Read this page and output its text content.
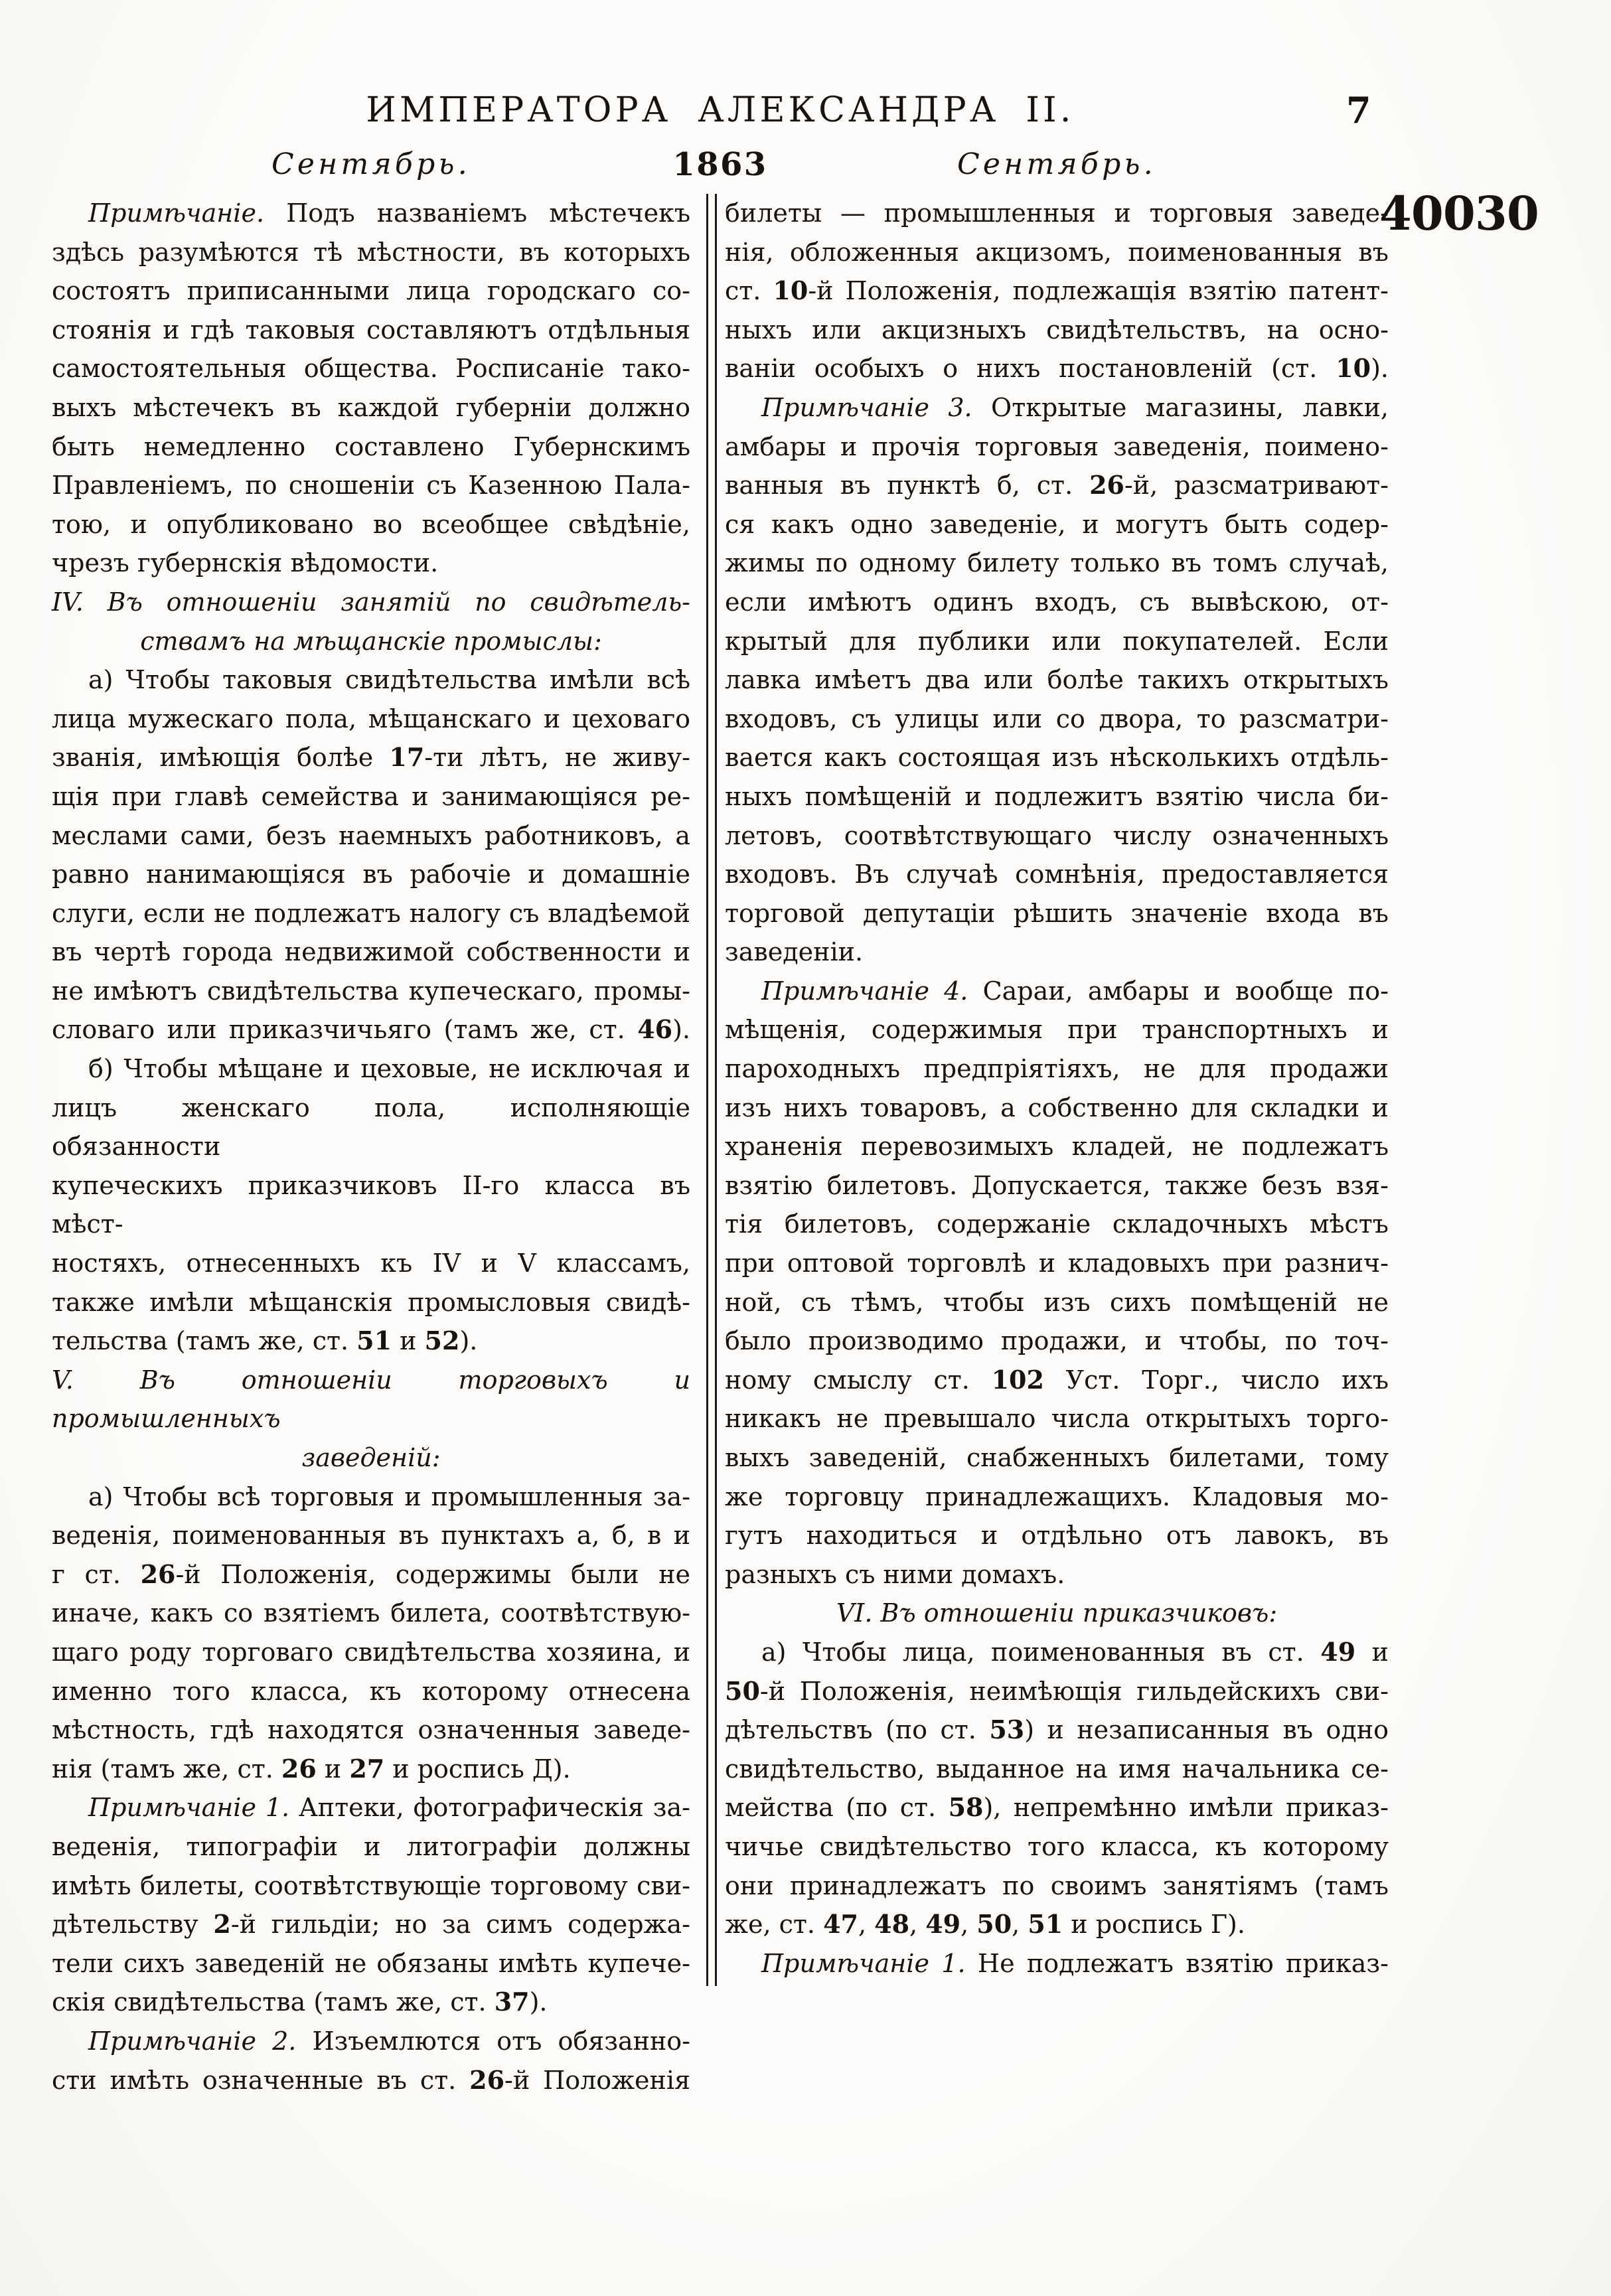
ИМПЕРАТОРА АЛЕКСАНДРА II.	7
Сентябрь.	1863	Сентябрь.
40030
Примѣчаніе. Подъ названіемъ мѣстечекъ
здѣсь разумѣются тѣ мѣстности, въ которыхъ
состоятъ приписанными лица городскаго со-
стоянія и гдѣ таковыя составляютъ отдѣльныя
самостоятельныя общества. Росписаніе тако-
выхъ мѣстечекъ въ каждой губерніи должно
быть немедленно составлено Губернскимъ
Правленіемъ, по сношеніи съ Казенною Пала-
тою, и опубликовано во всеобщее свѣдѣніе,
чрезъ губернскія вѣдомости.
IV. Въ отношеніи занятій по свидѣтель-
ствамъ на мѣщанскіе промыслы:
а) Чтобы таковыя свидѣтельства имѣли всѣ
лица мужескаго пола, мѣщанскаго и цеховаго
званія, имѣющія болѣе 17-ти лѣтъ, не живу-
щія при главѣ семейства и занимающіяся ре-
меслами сами, безъ наемныхъ работниковъ, а
равно нанимающіяся въ рабочіе и домашніе
слуги, если не подлежатъ налогу съ владѣемой
въ чертѣ города недвижимой собственности и
не имѣютъ свидѣтельства купеческаго, промы-
словаго или приказчичьяго (тамъ же, ст. 46).
б) Чтобы мѣщане и цеховые, не исключая и
лицъ женскаго пола, исполняющіе обязанности
купеческихъ приказчиковъ II-го класса въ мѣст-
ностяхъ, отнесенныхъ къ IV и V классамъ,
также имѣли мѣщанскія промысловыя свидѣ-
тельства (тамъ же, ст. 51 и 52).
V. Въ отношеніи торговыхъ и промышленныхъ
заведеній:
а) Чтобы всѣ торговыя и промышленныя за-
веденія, поименованныя въ пунктахъ а, б, в и
г ст. 26-й Положенія, содержимы были не
иначе, какъ со взятіемъ билета, соотвѣтствую-
щаго роду торговаго свидѣтельства хозяина, и
именно того класса, къ которому отнесена
мѣстность, гдѣ находятся означенныя заведе-
нія (тамъ же, ст. 26 и 27 и роспись Д).
Примѣчаніе 1. Аптеки, фотографическія за-
веденія, типографіи и литографіи должны
имѣть билеты, соотвѣтствующіе торговому сви-
дѣтельству 2-й гильдіи; но за симъ содержа-
тели сихъ заведеній не обязаны имѣть купече-
скія свидѣтельства (тамъ же, ст. 37).
Примѣчаніе 2. Изъемлются отъ обязанно-
сти имѣть означенные въ ст. 26-й Положенія
билеты — промышленныя и торговыя заведе-
нія, обложенныя акцизомъ, поименованныя въ
ст. 10-й Положенія, подлежащія взятію патент-
ныхъ или акцизныхъ свидѣтельствъ, на осно-
ваніи особыхъ о нихъ постановленій (ст. 10).
Примѣчаніе 3. Открытые магазины, лавки,
амбары и прочія торговыя заведенія, поимено-
ванныя въ пунктѣ б, ст. 26-й, разсматривают-
ся какъ одно заведеніе, и могутъ быть содер-
жимы по одному билету только въ томъ случаѣ,
если имѣютъ одинъ входъ, съ вывѣскою, от-
крытый для публики или покупателей. Если
лавка имѣетъ два или болѣе такихъ открытыхъ
входовъ, съ улицы или со двора, то разсматри-
вается какъ состоящая изъ нѣсколькихъ отдѣль-
ныхъ помѣщеній и подлежитъ взятію числа би-
летовъ, соотвѣтствующаго числу означенныхъ
входовъ. Въ случаѣ сомнѣнія, предоставляется
торговой депутаціи рѣшить значеніе входа въ
заведеніи.
Примѣчаніе 4. Сараи, амбары и вообще по-
мѣщенія, содержимыя при транспортныхъ и
пароходныхъ предпріятіяхъ, не для продажи
изъ нихъ товаровъ, а собственно для складки и
храненія перевозимыхъ кладей, не подлежатъ
взятію билетовъ. Допускается, также безъ взя-
тія билетовъ, содержаніе складочныхъ мѣстъ
при оптовой торговлѣ и кладовыхъ при разнич-
ной, съ тѣмъ, чтобы изъ сихъ помѣщеній не
было производимо продажи, и чтобы, по точ-
ному смыслу ст. 102 Уст. Торг., число ихъ
никакъ не превышало числа открытыхъ торго-
выхъ заведеній, снабженныхъ билетами, тому
же торговцу принадлежащихъ. Кладовыя мо-
гутъ находиться и отдѣльно отъ лавокъ, въ
разныхъ съ ними домахъ.
VI. Въ отношеніи приказчиковъ:
а) Чтобы лица, поименованныя въ ст. 49 и
50-й Положенія, неимѣющія гильдейскихъ сви-
дѣтельствъ (по ст. 53) и незаписанныя въ одно
свидѣтельство, выданное на имя начальника се-
мейства (по ст. 58), непремѣнно имѣли приказ-
чичье свидѣтельство того класса, къ которому
они принадлежатъ по своимъ занятіямъ (тамъ
же, ст. 47, 48, 49, 50, 51 и роспись Г).
Примѣчаніе 1. Не подлежатъ взятію приказ-
